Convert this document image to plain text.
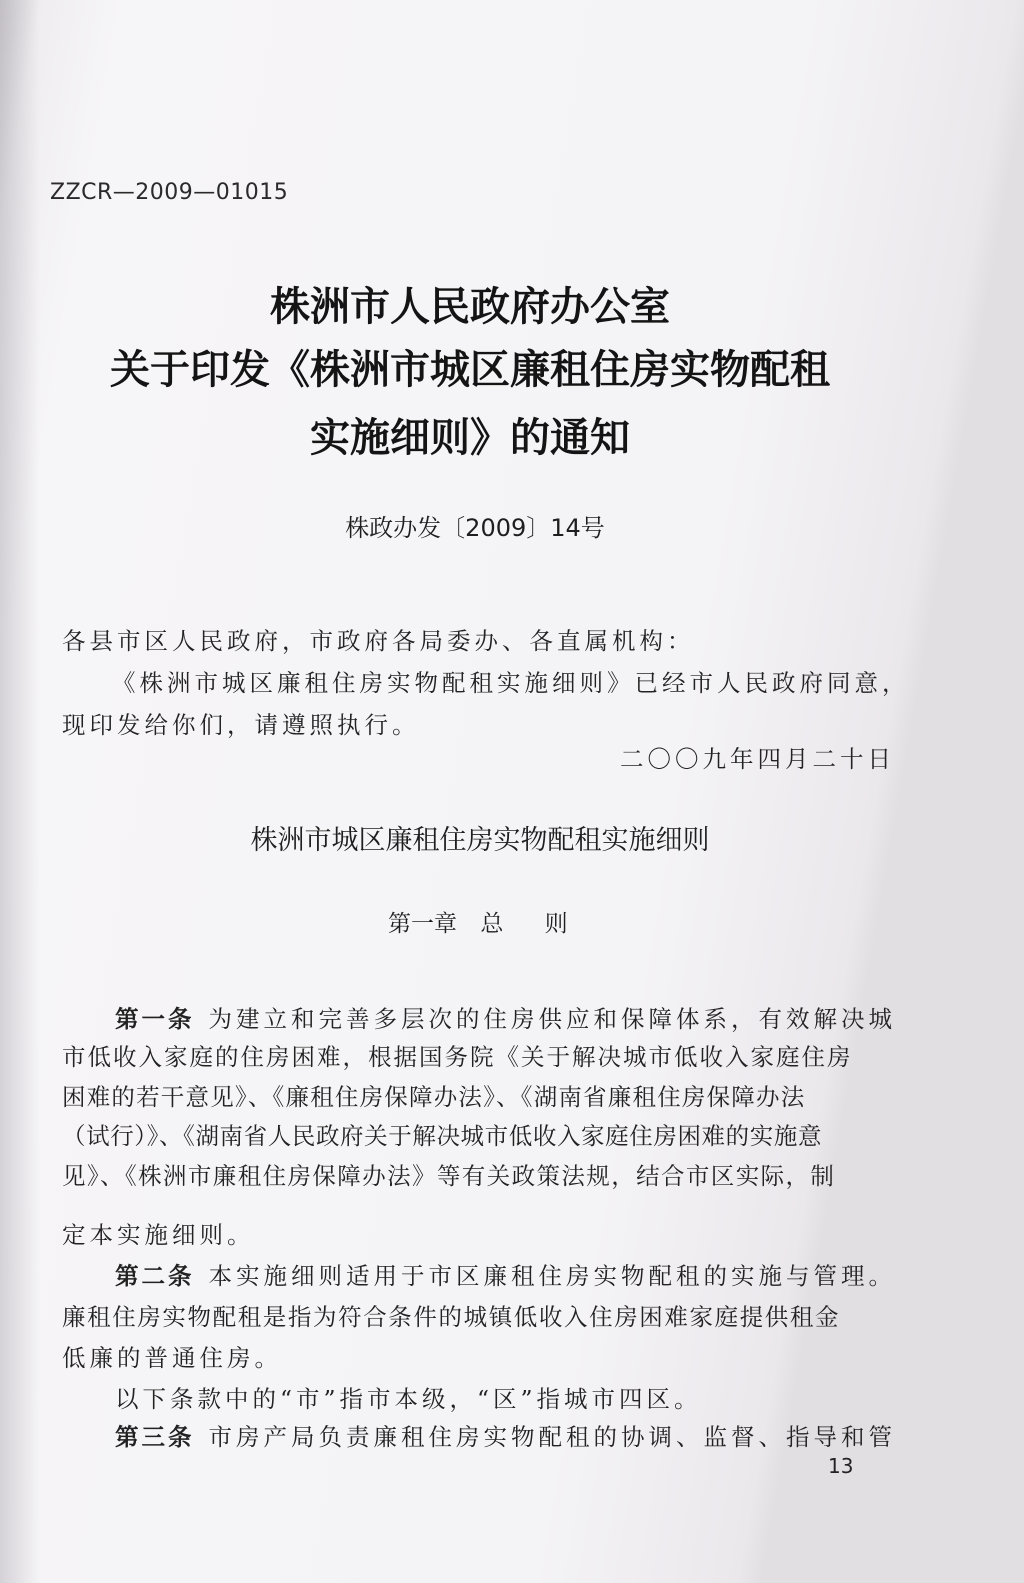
ZZCR—2009—01015
株洲市人民政府办公室
关于印发《株洲市城区廉租住房实物配租
实施细则》的通知
株政办发〔2009〕14号
各县市区人民政府，市政府各局委办、各直属机构：
《株洲市城区廉租住房实物配租实施细则》已经市人民政府同意，
现印发给你们，请遵照执行。
二〇〇九年四月二十日
株洲市城区廉租住房实物配租实施细则
第一章 总 则
第一条 为建立和完善多层次的住房供应和保障体系，有效解决城
市低收入家庭的住房困难，根据国务院《关于解决城市低收入家庭住房
困难的若干意见》、《廉租住房保障办法》、《湖南省廉租住房保障办法
（试行）》、《湖南省人民政府关于解决城市低收入家庭住房困难的实施意
见》、《株洲市廉租住房保障办法》等有关政策法规，结合市区实际，制
定本实施细则。
第二条 本实施细则适用于市区廉租住房实物配租的实施与管理。
廉租住房实物配租是指为符合条件的城镇低收入住房困难家庭提供租金
低廉的普通住房。
以下条款中的“市”指市本级，“区”指城市四区。
第三条 市房产局负责廉租住房实物配租的协调、监督、指导和管
13
